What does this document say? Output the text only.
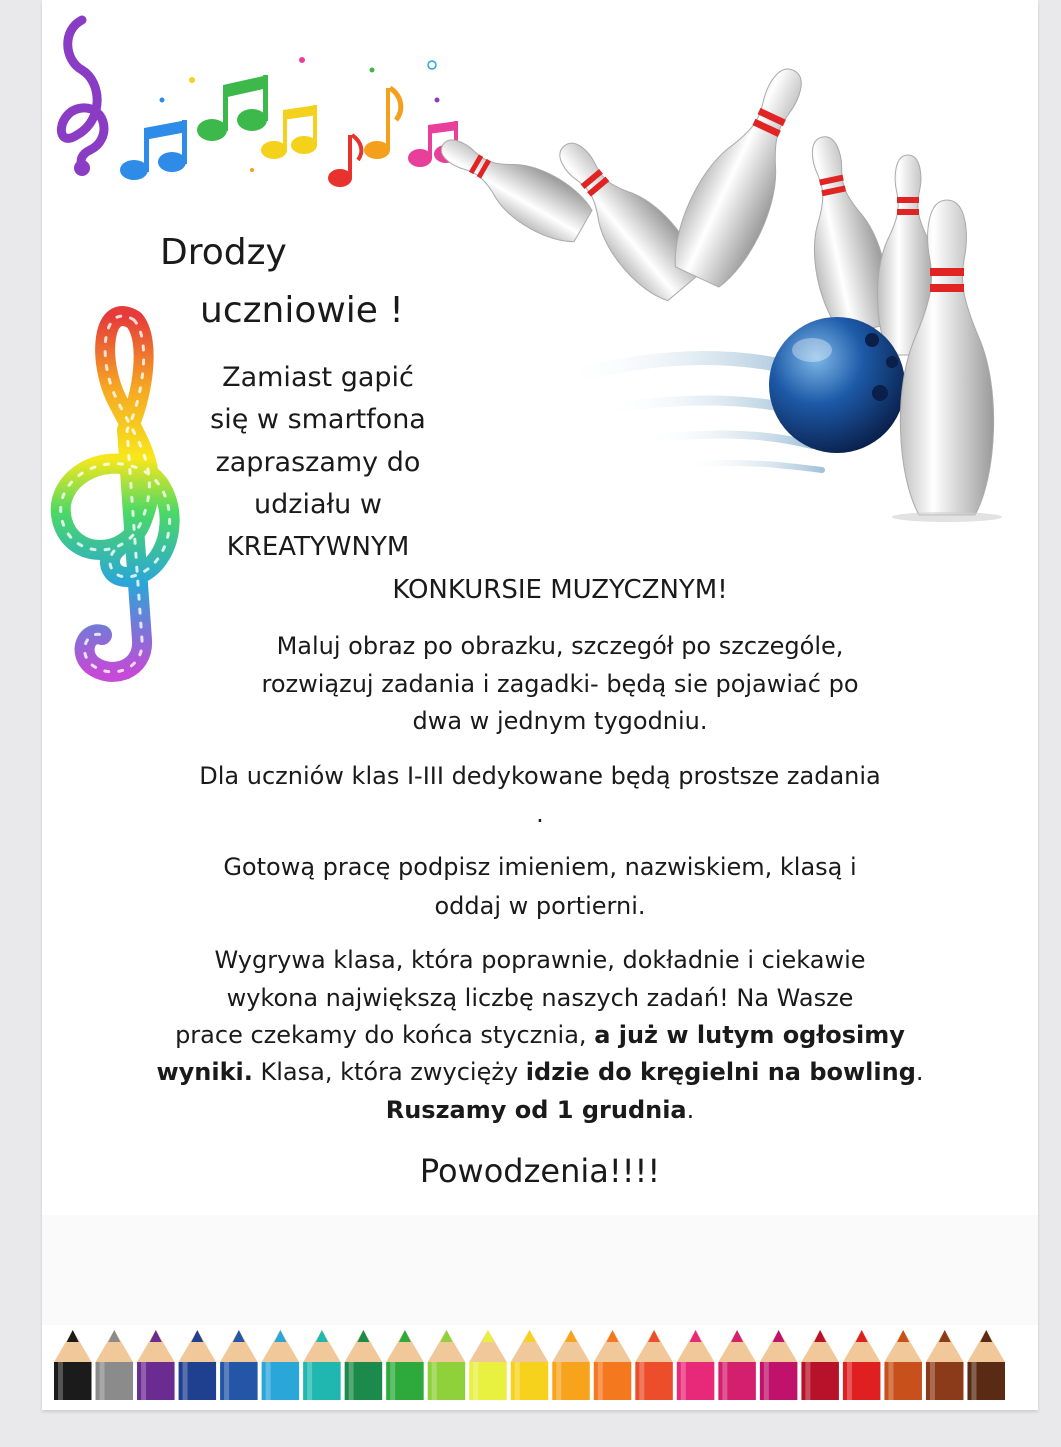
Drodzy
uczniowie !
Zamiast gapić
się w smartfona
zapraszamy do
udziału w
KREATYWNYM
KONKURSIE MUZYCZNYM!
Maluj obraz po obrazku, szczegół po szczególe,
rozwiązuj zadania i zagadki- będą sie pojawiać po
dwa w jednym tygodniu.
Dla uczniów klas I-III dedykowane będą prostsze zadania
.
Gotową pracę podpisz imieniem, nazwiskiem, klasą i
oddaj w portierni.
Wygrywa klasa, która poprawnie, dokładnie i ciekawie
wykona największą liczbę naszych zadań! Na Wasze
prace czekamy do końca stycznia, a już w lutym ogłosimy
wyniki. Klasa, która zwycięży idzie do kręgielni na bowling.
Ruszamy od 1 grudnia.
Powodzenia!!!!
